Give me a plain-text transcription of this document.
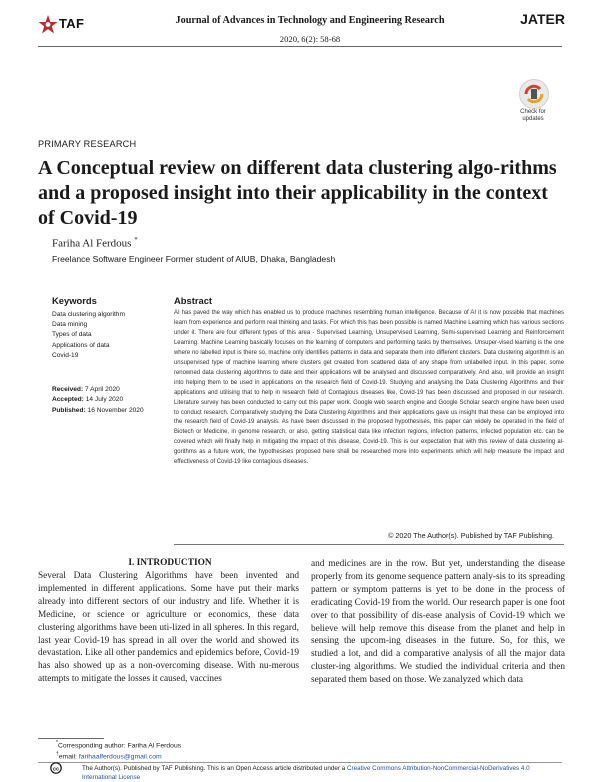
TAF	Journal of Advances in Technology and Engineering Research
2020, 6(2): 58-68
JATER
Check for updates
PRIMARY RESEARCH
A Conceptual review on different data clustering algo-rithms and a proposed insight into their applicability in the context of Covid-19
Fariha Al Ferdous *
Freelance Software Engineer Former student of AIUB, Dhaka, Bangladesh
Keywords
Data clustering algorithm
Data mining
Types of data
Applications of data
Covid-19
Received: 7 April 2020
Accepted: 14 July 2020
Published: 16 November 2020
Abstract
AI has paved the way which has enabled us to produce machines resembling human intelligence. Because of AI it is now possible that machines learn from experience and perform real thinking and tasks. For which this has been possible is named Machine Learning which has various sections under it. There are four different types of this area - Supervised Learning, Unsupervised Learning, Semi-supervised Learning and Reinforcement Learning. Machine Learning basically focuses on the learning of computers and performing tasks by themselves. Unsuper-vised learning is the one where no labelled input is there so, machine only identifies patterns in data and separate them into different clusters. Data clustering algorithm is an unsupervised type of machine learning where clusters get created from scattered data of any shape from unlabelled input. In this paper, some renowned data clustering algorithms to date and their applications will be analysed and discussed comparatively. And also, will provide an insight into helping them to be used in applications on the research field of Covid-19. Studying and analysing the Data Clustering Algorithms and their applications and utilising that to help in research field of Contagious diseases like, Covid-19 has been discussed and proposed in our research. Literature survey has been conducted to carry out this paper work. Google web search engine and Google Scholar search engine have been used to conduct research. Comparatively studying the Data Clustering Algorithms and their applications gave us insight that these can be employed into the research field of Covid-19 analysis. As have been discussed in the proposed hypothesises, this paper can widely be operated in the field of Biotech or Medicine, in genome research, or also, getting statistical data like infection regions, infection patterns, infected population etc. can be covered which will finally help in mitigating the impact of this disease, Covid-19. This is our expectation that with this review of data clustering al-gorithms as a future work, the hypothesises proposed here shall be researched more into experiments which will help measure the impact and effectiveness of Covid-19 like contagious diseases.
© 2020 The Author(s). Published by TAF Publishing.
I. INTRODUCTION
Several Data Clustering Algorithms have been invented and implemented in different applications. Some have put their marks already into different sectors of our industry and life. Whether it is Medicine, or science or agriculture or economics, these data clustering algorithms have been uti-lized in all spheres. In this regard, last year Covid-19 has spread in all over the world and showed its devastation. Like all other pandemics and epidemics before, Covid-19 has also showed up as a non-overcoming disease. With nu-merous attempts to mitigate the losses it caused, vaccines
and medicines are in the row. But yet, understanding the disease properly from its genome sequence pattern analy-sis to its spreading pattern or symptom patterns is yet to be done in the process of eradicating Covid-19 from the world. Our research paper is one foot over to that possibility of dis-ease analysis of Covid-19 which we believe will help remove this disease from the planet and help in sensing the upcom-ing diseases in the future. So, for this, we studied a lot, and did a comparative analysis of all the major data cluster-ing algorithms. We studied the individual criteria and then separated them based on those. We zanalyzed which data
*Corresponding author: Fariha Al Ferdous
†email: farihaalferdous@gmail.com
cc	The Author(s). Published by TAF Publishing. This is an Open Access article distributed under a Creative Commons Attribution-NonCommercial-NoDerivatives 4.0 International License
